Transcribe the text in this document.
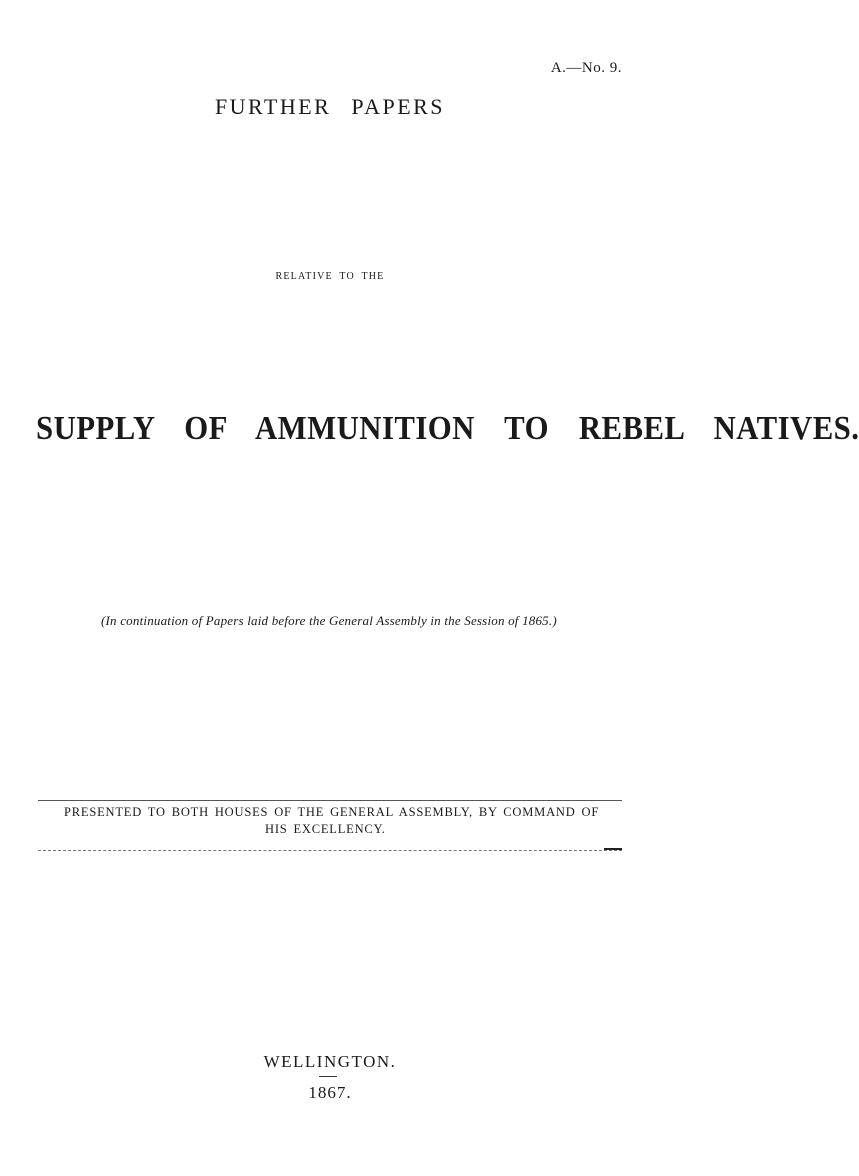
A.—No. 9.
FURTHER PAPERS
RELATIVE TO THE
SUPPLY OF AMMUNITION TO REBEL NATIVES.
(In continuation of Papers laid before the General Assembly in the Session of 1865.)
PRESENTED TO BOTH HOUSES OF THE GENERAL ASSEMBLY, BY COMMAND OF
HIS EXCELLENCY.
WELLINGTON.
1867.
